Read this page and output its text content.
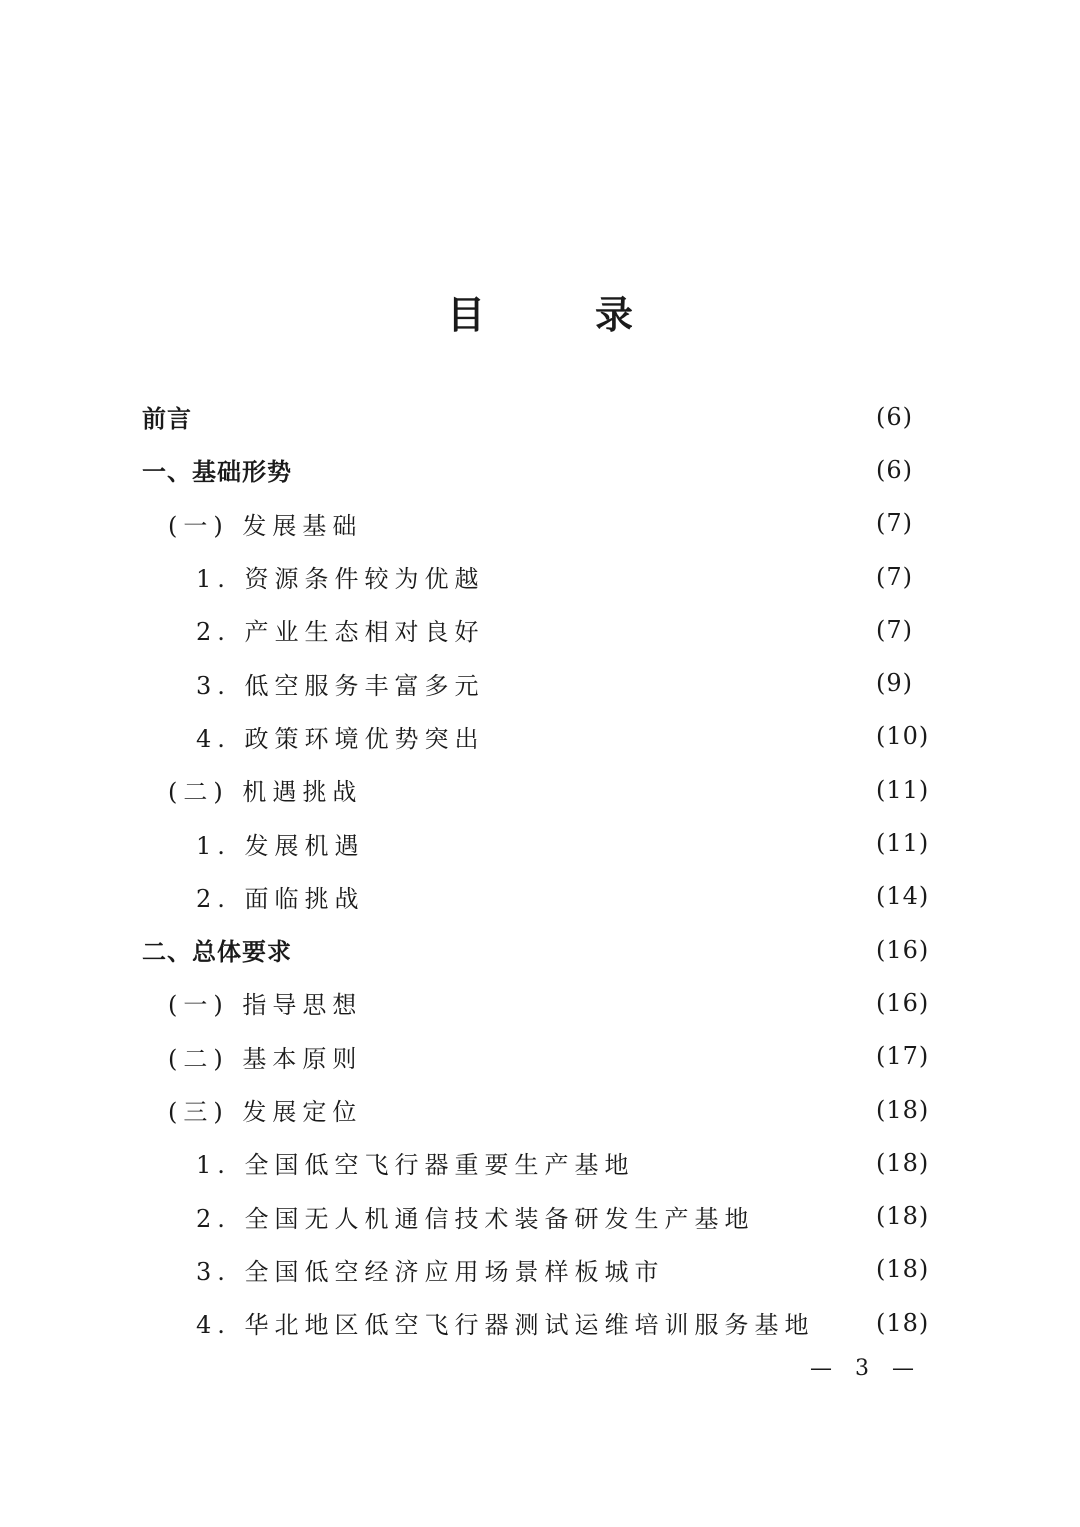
目	录
前言	(6)
一、基础形势	(6)
(一) 发展基础	(7)
1. 资源条件较为优越	(7)
2. 产业生态相对良好	(7)
3. 低空服务丰富多元	(9)
4. 政策环境优势突出	(10)
(二) 机遇挑战	(11)
1. 发展机遇	(11)
2. 面临挑战	(14)
二、总体要求	(16)
(一) 指导思想	(16)
(二) 基本原则	(17)
(三) 发展定位	(18)
1. 全国低空飞行器重要生产基地	(18)
2. 全国无人机通信技术装备研发生产基地	(18)
3. 全国低空经济应用场景样板城市	(18)
4. 华北地区低空飞行器测试运维培训服务基地	(18)
— 3 —
